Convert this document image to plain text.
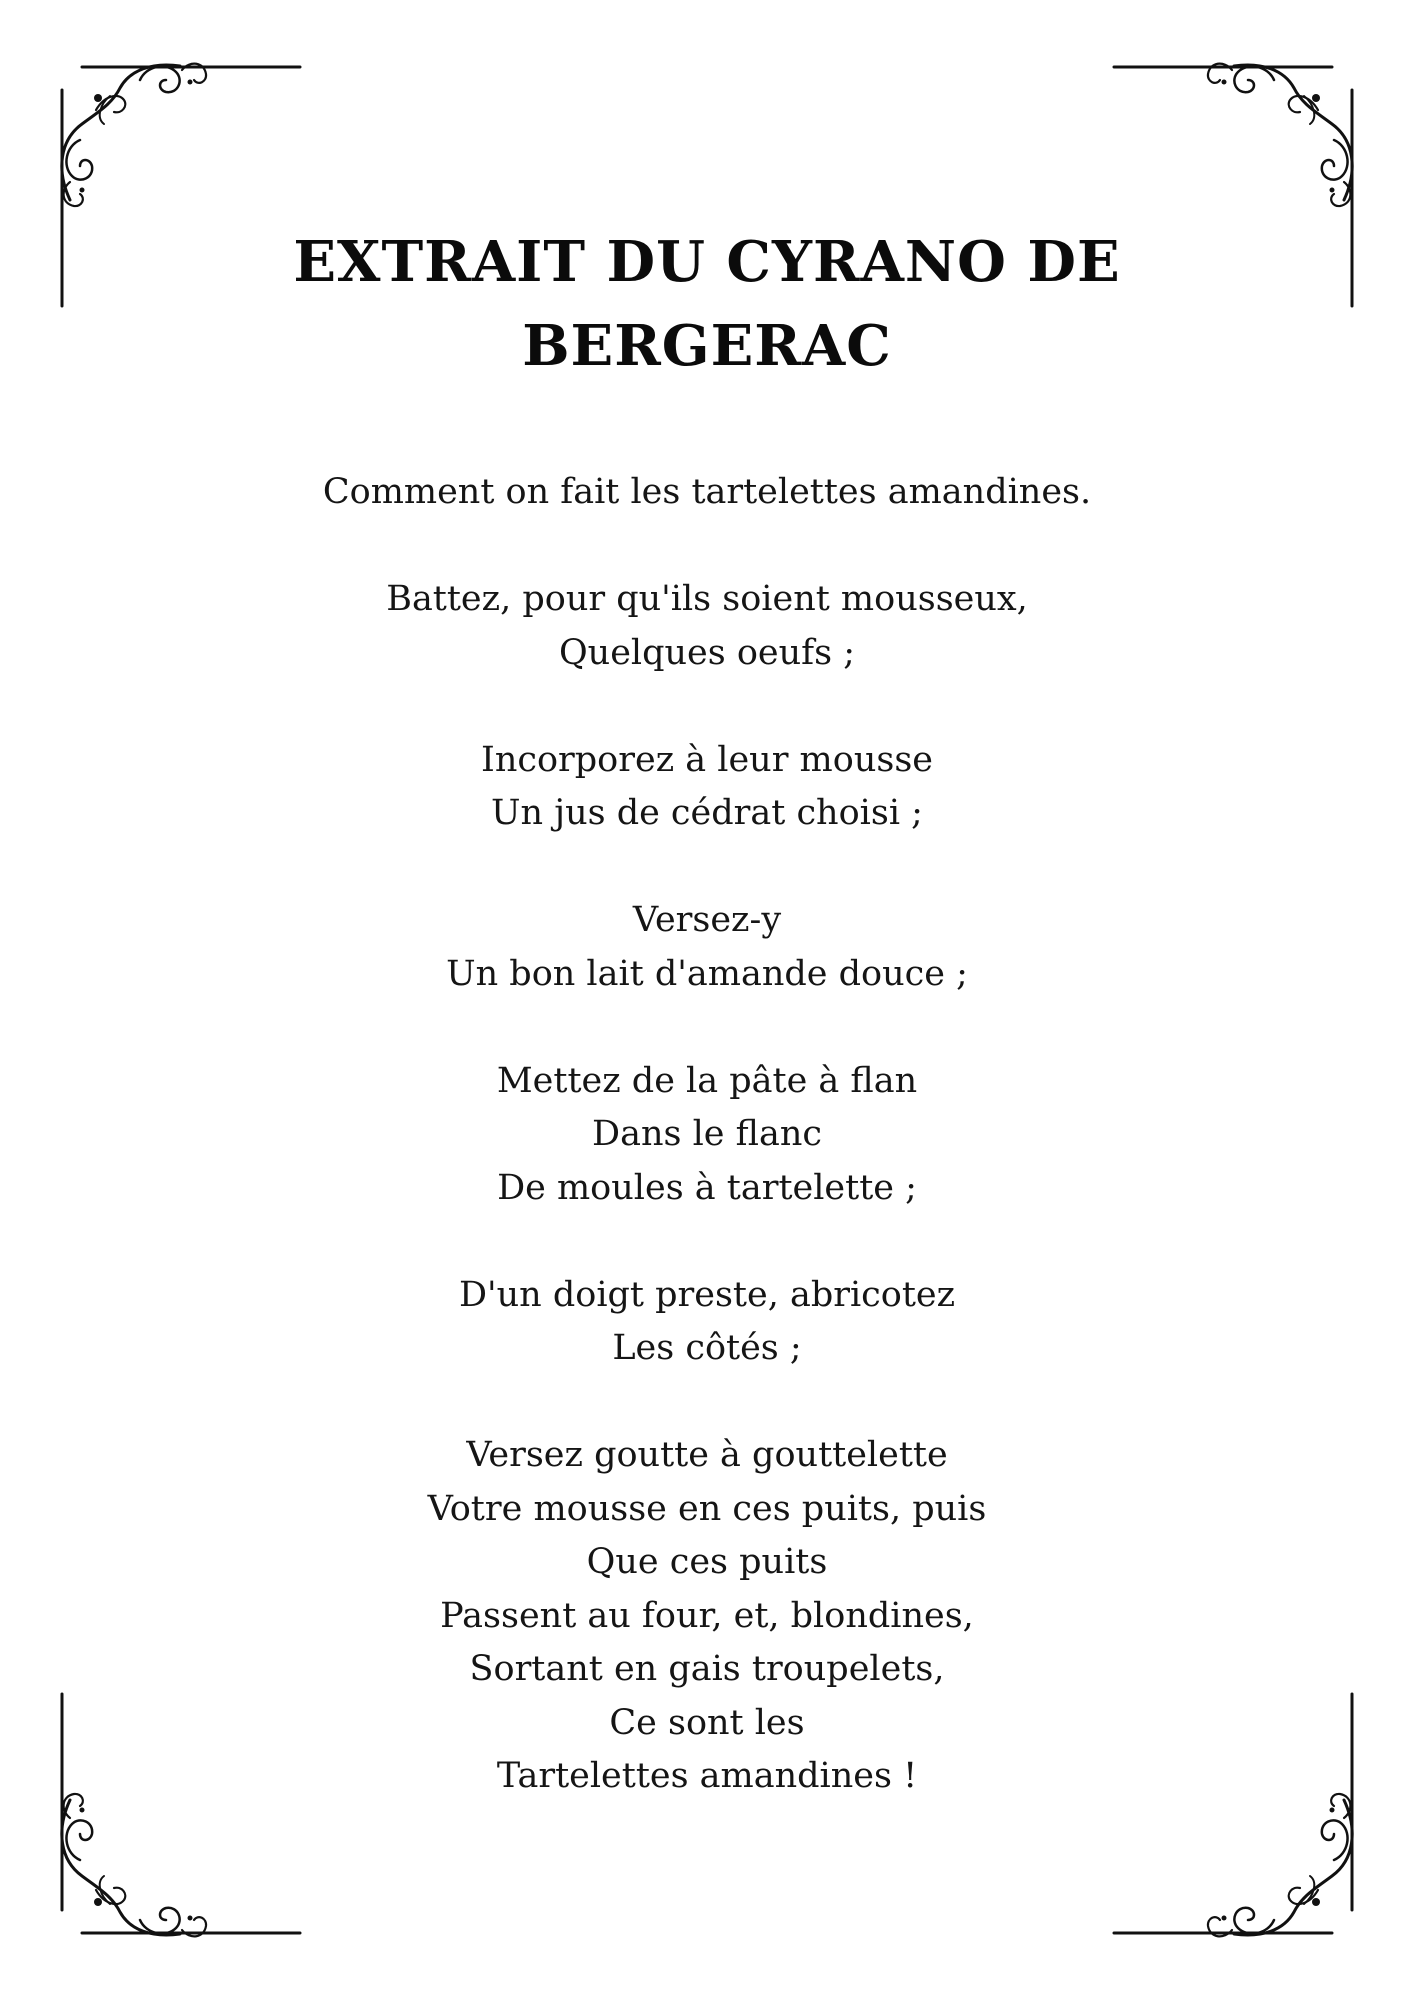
EXTRAIT DU CYRANO DE
BERGERAC
Comment on fait les tartelettes amandines.
Battez, pour qu'ils soient mousseux,
Quelques oeufs ;
Incorporez à leur mousse
Un jus de cédrat choisi ;
Versez-y
Un bon lait d'amande douce ;
Mettez de la pâte à flan
Dans le flanc
De moules à tartelette ;
D'un doigt preste, abricotez
Les côtés ;
Versez goutte à gouttelette
Votre mousse en ces puits, puis
Que ces puits
Passent au four, et, blondines,
Sortant en gais troupelets,
Ce sont les
Tartelettes amandines !
